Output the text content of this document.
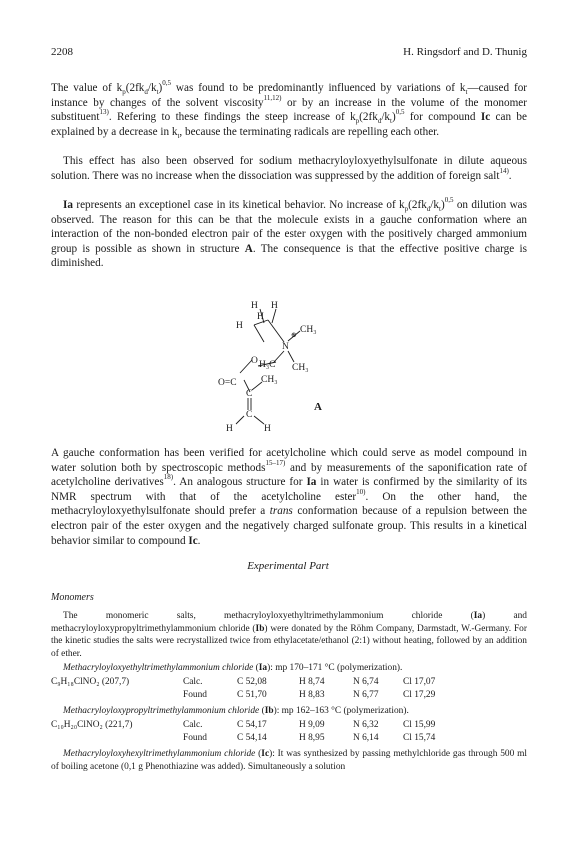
2208	H. Ringsdorf and D. Thunig

The value of $k_p(2fk_d/k_t)^{0,5}$ was found to be predominantly influenced by variations of $k_t—caused$ for instance by changes of the solvent viscosity$^{11,12)}$ or by an increase in the volume of the monomer substituent$^{13)}$. Refering to these findings the steep increase of $k_p(2fk_d/k_t)^{0,5}$ for compound Ic can be explained by a decrease in $k_t$, because the terminating radicals are repelling each other.

This effect has also been observed for sodium methacryloyloxyethylsulfonate in dilute aqueous solution. There was no increase when the dissociation was suppressed by the addition of foreign salt$^{14)}$.

Ia represents an exceptionel case in its kinetical behavior. No increase of $k_p(2fk_d/k_t)^{0,5}$ on dilution was observed. The reason for this can be that the molecule exists in a gauche conformation where an interaction of the non-bonded electron pair of the ester oxygen with the positively charged ammonium group is possible as shown in structure A. The consequence is that the effective positive charge is diminished.

H H
H
H
⊕ CH₃
N
O H₃C CH₃
O=C	CH₃
C
C
H	H
A

A gauche conformation has been verified for acetylcholine which could serve as model compound in water solution both by spectroscopic methods$^{15-17)}$ and by measurements of the saponification rate of acetylcholine derivatives$^{18)}$. An analogous structure for Ia in water is confirmed by the similarity of its NMR spectrum with that of the acetylcholine ester$^{10)}$. On the other hand, the methacryloyloxyethylsulfonate should prefer a trans conformation because of a repulsion between the electron pair of the ester oxygen and the negatively charged sulfonate group. This results in a kinetical behavior similar to compound Ic.

Experimental Part
Monomers

The monomeric salts, methacryloyloxyethyltrimethylammonium chloride (Ia) and methacryloyloxypropyltrimethylammonium chloride (Ib) were donated by the Röhm Company, Darmstadt, W.-Germany. For the kinetic studies the salts were recrystallized twice from ethylacetate/ethanol (2:1) without heating, followed by an addition of ether.

Methacryloyloxyethyltrimethylammonium chloride (Ia): mp 170–171 °C (polymerization).
C₉H₁₈ClNO₂ (207,7)	Calc.	C 52,08	H 8,74	N 6,74	Cl 17,07
Found	C 51,70	H 8,83	N 6,77	Cl 17,29
Methacryloyloxypropyltrimethylammonium chloride (Ib): mp 162–163 °C (polymerization).
C₁₀H₂₀ClNO₂ (221,7)	Calc.	C 54,17	H 9,09	N 6,32	Cl 15,99
Found	C 54,14	H 8,95	N 6,14	Cl 15,74

Methacryloyloxyhexyltrimethylammonium chloride (Ic): It was synthesized by passing methylchloride gas through 500 ml of boiling acetone (0,1 g Phenothiazine was added). Simultaneously a solution
